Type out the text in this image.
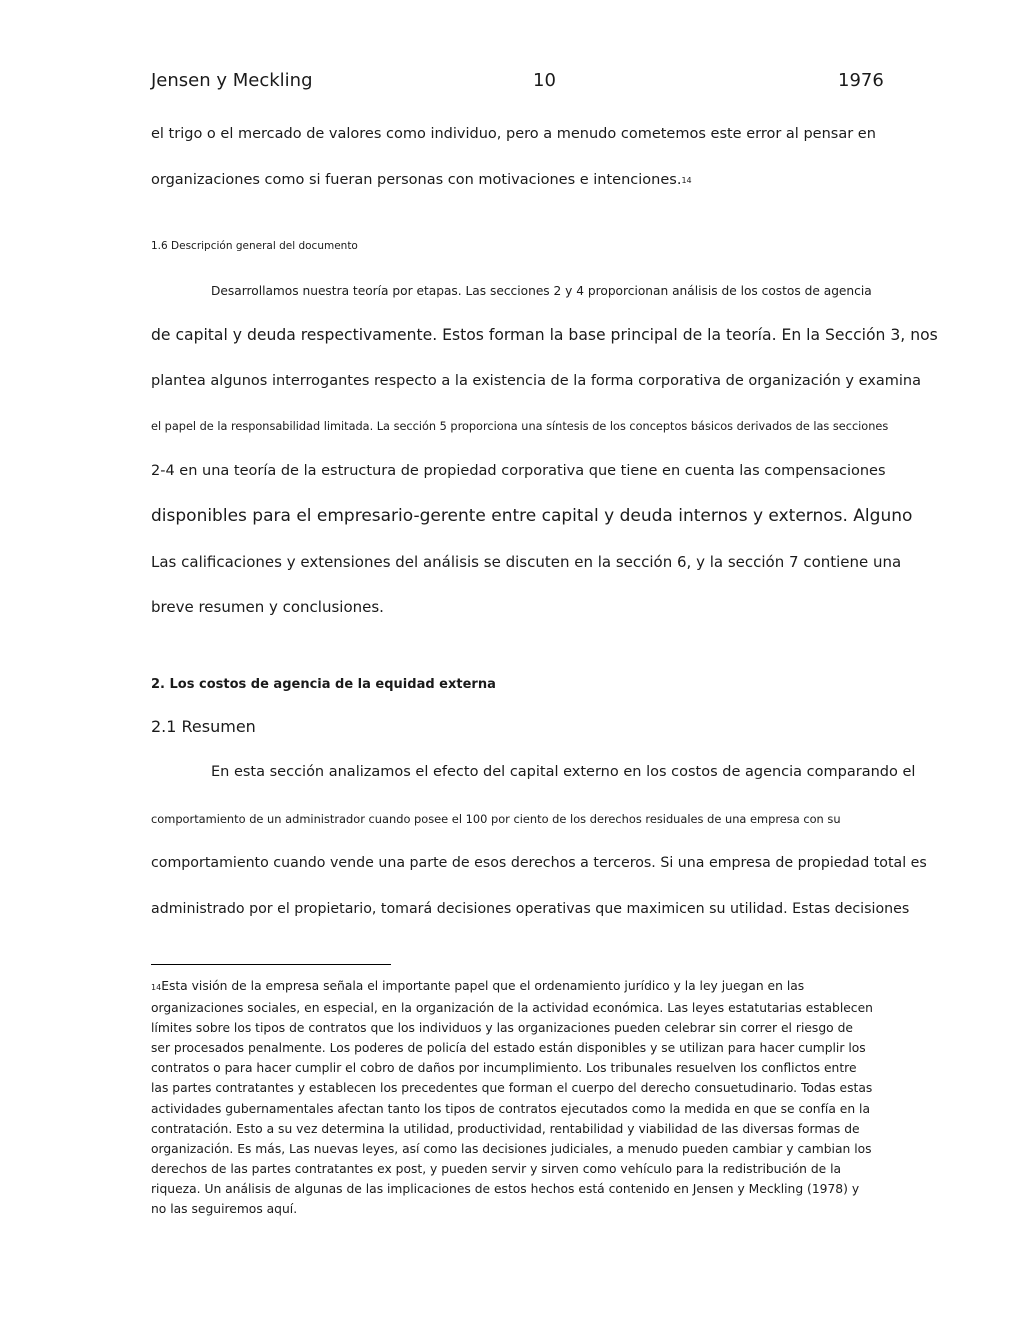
Jensen y Meckling	10	1976
el trigo o el mercado de valores como individuo, pero a menudo cometemos este error al pensar en
organizaciones como si fueran personas con motivaciones e intenciones.14
1.6 Descripción general del documento
Desarrollamos nuestra teoría por etapas. Las secciones 2 y 4 proporcionan análisis de los costos de agencia
de capital y deuda respectivamente. Estos forman la base principal de la teoría. En la Sección 3, nos
plantea algunos interrogantes respecto a la existencia de la forma corporativa de organización y examina
el papel de la responsabilidad limitada. La sección 5 proporciona una síntesis de los conceptos básicos derivados de las secciones
2-4 en una teoría de la estructura de propiedad corporativa que tiene en cuenta las compensaciones
disponibles para el empresario-gerente entre capital y deuda internos y externos. Alguno
Las calificaciones y extensiones del análisis se discuten en la sección 6, y la sección 7 contiene una
breve resumen y conclusiones.
2. Los costos de agencia de la equidad externa
2.1 Resumen
En esta sección analizamos el efecto del capital externo en los costos de agencia comparando el
comportamiento de un administrador cuando posee el 100 por ciento de los derechos residuales de una empresa con su
comportamiento cuando vende una parte de esos derechos a terceros. Si una empresa de propiedad total es
administrado por el propietario, tomará decisiones operativas que maximicen su utilidad. Estas decisiones
14Esta visión de la empresa señala el importante papel que el ordenamiento jurídico y la ley juegan en las organizaciones sociales, en especial, en la organización de la actividad económica. Las leyes estatutarias establecen límites sobre los tipos de contratos que los individuos y las organizaciones pueden celebrar sin correr el riesgo de ser procesados penalmente. Los poderes de policía del estado están disponibles y se utilizan para hacer cumplir los contratos o para hacer cumplir el cobro de daños por incumplimiento. Los tribunales resuelven los conflictos entre las partes contratantes y establecen los precedentes que forman el cuerpo del derecho consuetudinario. Todas estas actividades gubernamentales afectan tanto los tipos de contratos ejecutados como la medida en que se confía en la contratación. Esto a su vez determina la utilidad, productividad, rentabilidad y viabilidad de las diversas formas de organización. Es más, Las nuevas leyes, así como las decisiones judiciales, a menudo pueden cambiar y cambian los derechos de las partes contratantes ex post, y pueden servir y sirven como vehículo para la redistribución de la riqueza. Un análisis de algunas de las implicaciones de estos hechos está contenido en Jensen y Meckling (1978) y no las seguiremos aquí.
